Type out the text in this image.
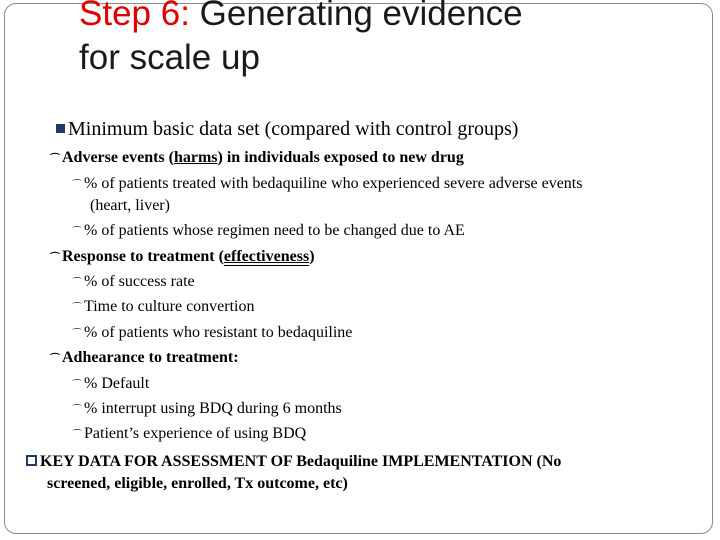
Step 6: Generating evidence
for scale up
Minimum basic data set (compared with control groups)
⌒ Adverse events (harms) in individuals exposed to new drug
⌒ % of patients treated with bedaquiline who experienced severe adverse events
(heart, liver)
⌒ % of patients whose regimen need to be changed due to AE
⌒ Response to treatment (effectiveness)
⌒ % of success rate
⌒ Time to culture convertion
⌒ % of patients who resistant to bedaquiline
⌒ Adhearance to treatment:
⌒ % Default
⌒ % interrupt using BDQ during 6 months
⌒ Patient’s experience of using BDQ
KEY DATA FOR ASSESSMENT OF Bedaquiline IMPLEMENTATION (No
screened, eligible, enrolled, Tx outcome, etc)
